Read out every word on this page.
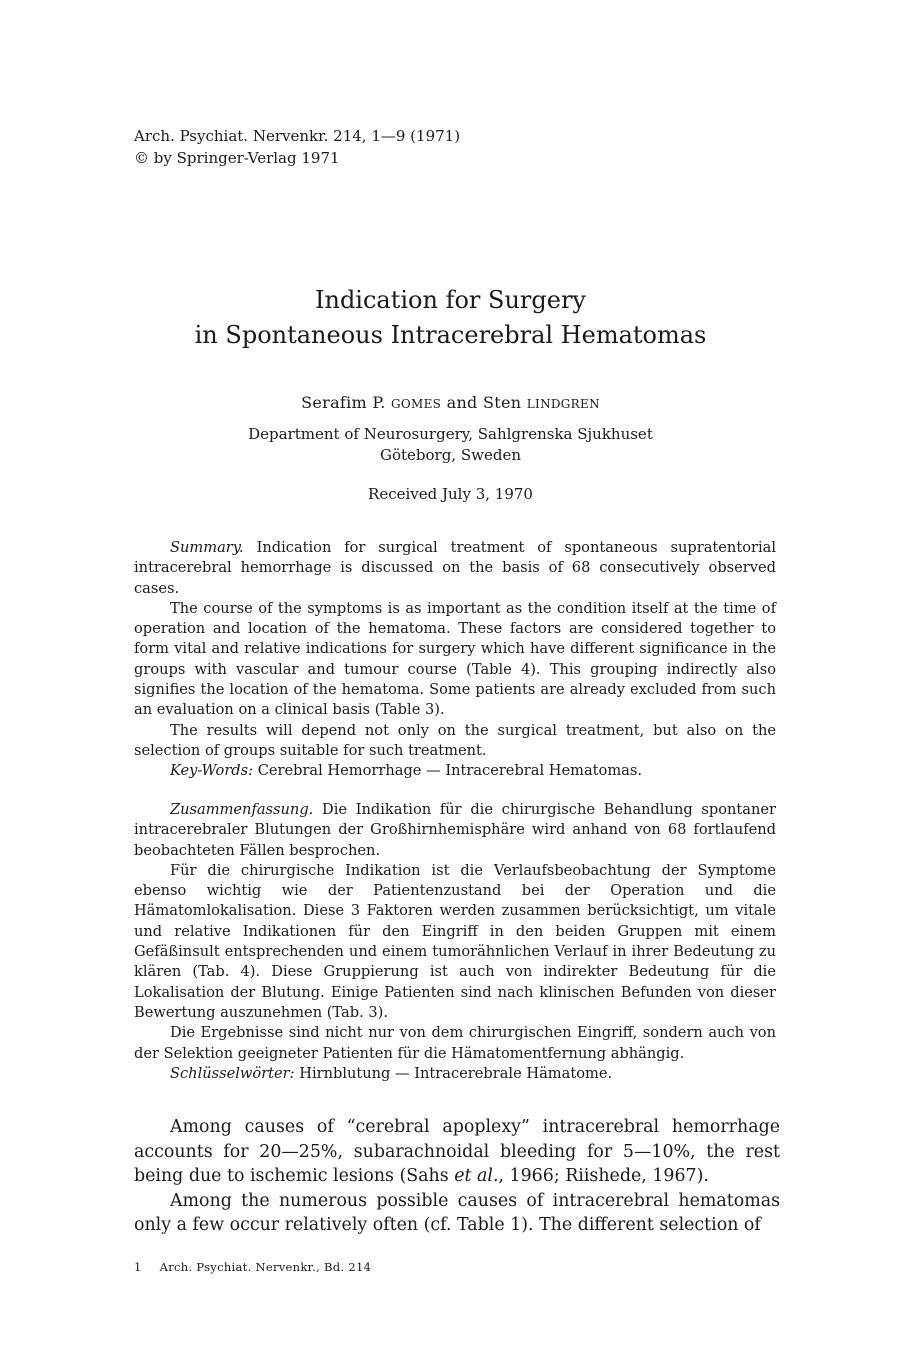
Arch. Psychiat. Nervenkr. 214, 1—9 (1971)
© by Springer-Verlag 1971
Indication for Surgery
in Spontaneous Intracerebral Hematomas
Serafim P. GOMES and Sten LINDGREN
Department of Neurosurgery, Sahlgrenska Sjukhuset
Göteborg, Sweden
Received July 3, 1970

Summary. Indication for surgical treatment of spontaneous supratentorial intracerebral hemorrhage is discussed on the basis of 68 consecutively observed cases.

The course of the symptoms is as important as the condition itself at the time of operation and location of the hematoma. These factors are considered together to form vital and relative indications for surgery which have different significance in the groups with vascular and tumour course (Table 4). This grouping indirectly also signifies the location of the hematoma. Some patients are already excluded from such an evaluation on a clinical basis (Table 3).

The results will depend not only on the surgical treatment, but also on the selection of groups suitable for such treatment.

Key-Words: Cerebral Hemorrhage — Intracerebral Hematomas.

Zusammenfassung. Die Indikation für die chirurgische Behandlung spontaner intracerebraler Blutungen der Großhirnhemisphäre wird anhand von 68 fortlaufend beobachteten Fällen besprochen.

Für die chirurgische Indikation ist die Verlaufsbeobachtung der Symptome ebenso wichtig wie der Patientenzustand bei der Operation und die Hämatomlokalisation. Diese 3 Faktoren werden zusammen berücksichtigt, um vitale und relative Indikationen für den Eingriff in den beiden Gruppen mit einem Gefäßinsult entsprechenden und einem tumorähnlichen Verlauf in ihrer Bedeutung zu klären (Tab. 4). Diese Gruppierung ist auch von indirekter Bedeutung für die Lokalisation der Blutung. Einige Patienten sind nach klinischen Befunden von dieser Bewertung auszunehmen (Tab. 3).

Die Ergebnisse sind nicht nur von dem chirurgischen Eingriff, sondern auch von der Selektion geeigneter Patienten für die Hämatomentfernung abhängig.

Schlüsselwörter: Hirnblutung — Intracerebrale Hämatome.

Among causes of “cerebral apoplexy” intracerebral hemorrhage accounts for 20—25%, subarachnoidal bleeding for 5—10%, the rest being due to ischemic lesions (Sahs et al., 1966; Riishede, 1967).

Among the numerous possible causes of intracerebral hematomas only a few occur relatively often (cf. Table 1). The different selection of

1 Arch. Psychiat. Nervenkr., Bd. 214
